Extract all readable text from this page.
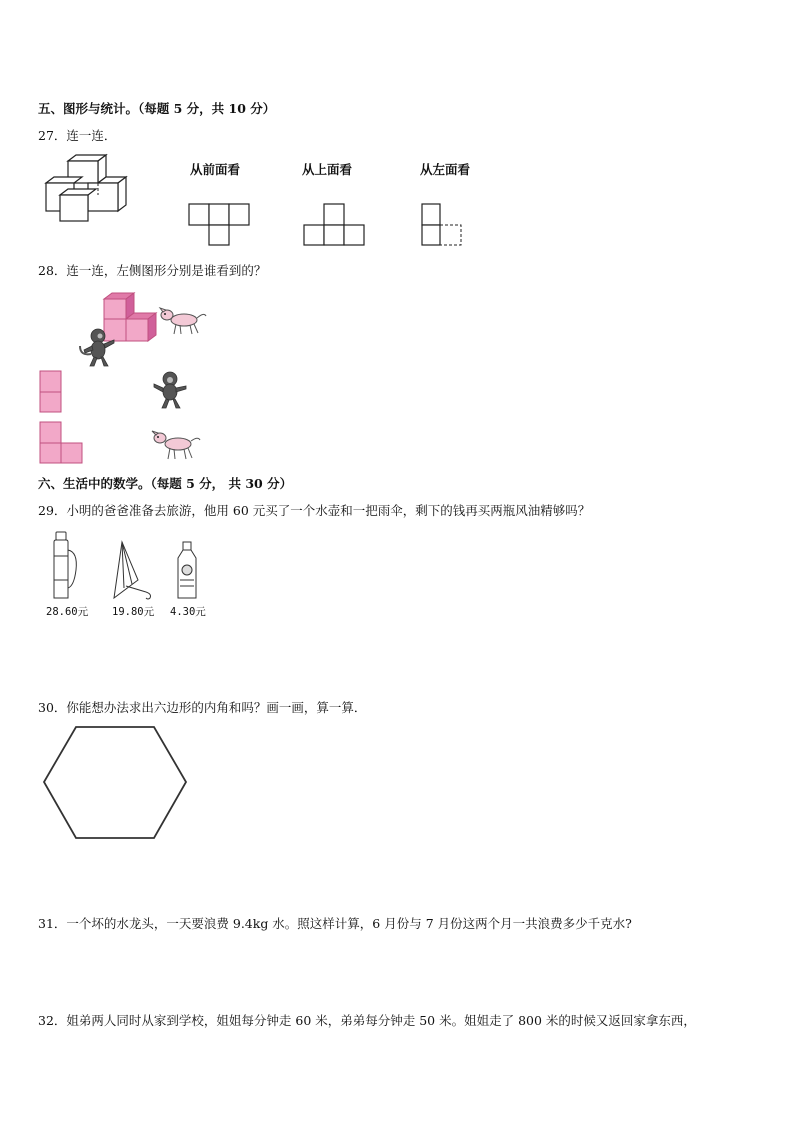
五、图形与统计。（每题 5 分，共 10 分）
27．连一连．
从前面看	从上面看	从左面看
28．连一连，左侧图形分别是谁看到的？
六、生活中的数学。（每题 5 分， 共 30 分）
29．小明的爸爸准备去旅游，他用 60 元买了一个水壶和一把雨伞，剩下的钱再买两瓶风油精够吗？
28.60元 19.80元 4.30元
30．你能想办法求出六边形的内角和吗？画一画，算一算．
31．一个坏的水龙头，一天要浪费 9.4kg 水。照这样计算，6 月份与 7 月份这两个月一共浪费多少千克水?
32．姐弟两人同时从家到学校，姐姐每分钟走 60 米，弟弟每分钟走 50 米。姐姐走了 800 米的时候又返回家拿东西，
